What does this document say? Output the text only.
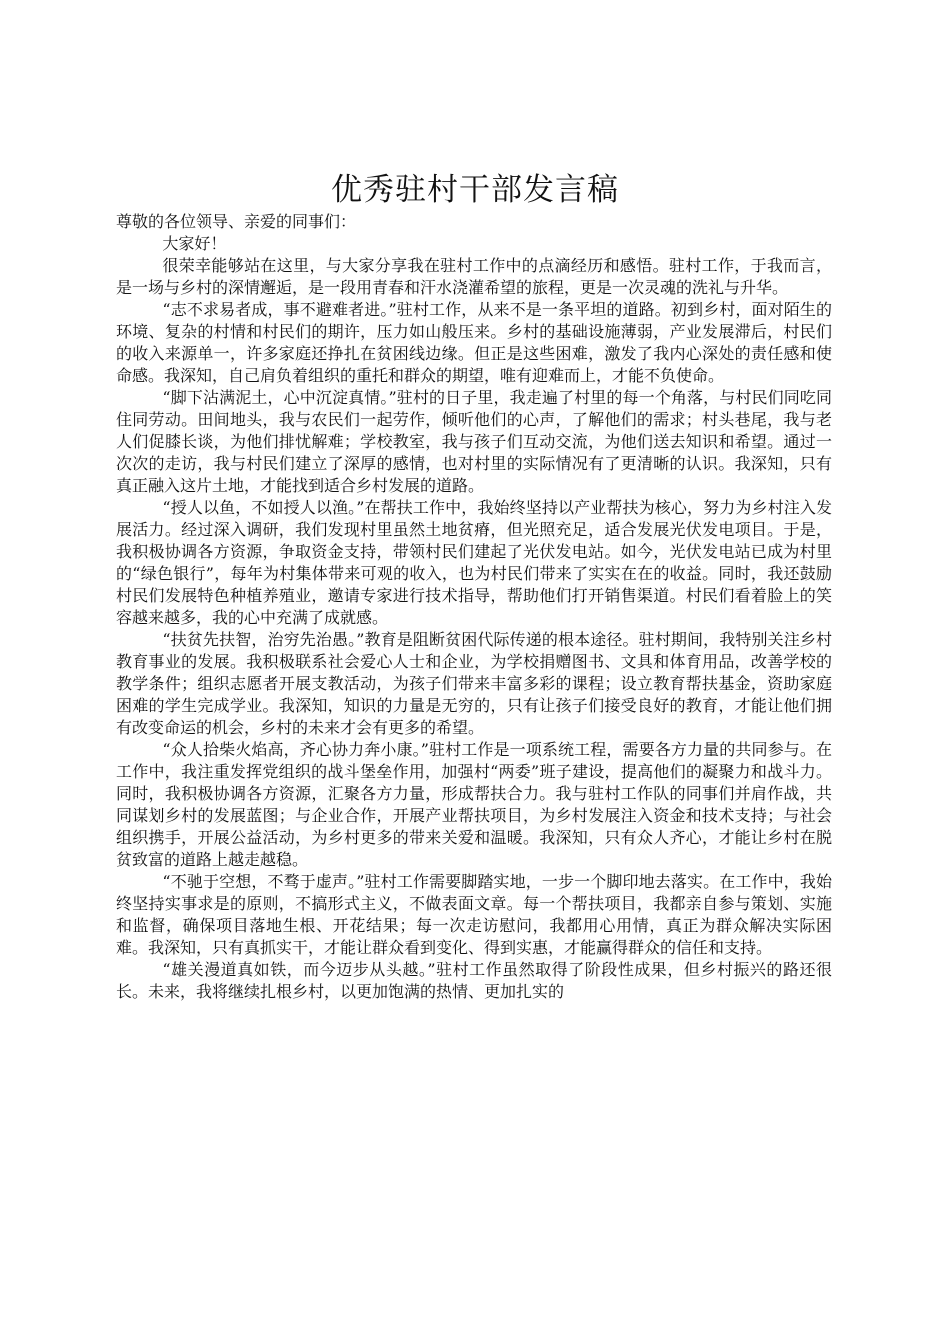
优秀驻村干部发言稿

尊敬的各位领导、亲爱的同事们：

大家好！

很荣幸能够站在这里，与大家分享我在驻村工作中的点滴经历和感悟。驻村工作，于我而言，是一场与乡村的深情邂逅，是一段用青春和汗水浇灌希望的旅程，更是一次灵魂的洗礼与升华。

“志不求易者成，事不避难者进。”驻村工作，从来不是一条平坦的道路。初到乡村，面对陌生的环境、复杂的村情和村民们的期许，压力如山般压来。乡村的基础设施薄弱，产业发展滞后，村民们的收入来源单一，许多家庭还挣扎在贫困线边缘。但正是这些困难，激发了我内心深处的责任感和使命感。我深知，自己肩负着组织的重托和群众的期望，唯有迎难而上，才能不负使命。

“脚下沾满泥土，心中沉淀真情。”驻村的日子里，我走遍了村里的每一个角落，与村民们同吃同住同劳动。田间地头，我与农民们一起劳作，倾听他们的心声，了解他们的需求；村头巷尾，我与老人们促膝长谈，为他们排忧解难；学校教室，我与孩子们互动交流，为他们送去知识和希望。通过一次次的走访，我与村民们建立了深厚的感情，也对村里的实际情况有了更清晰的认识。我深知，只有真正融入这片土地，才能找到适合乡村发展的道路。

“授人以鱼，不如授人以渔。”在帮扶工作中，我始终坚持以产业帮扶为核心，努力为乡村注入发展活力。经过深入调研，我们发现村里虽然土地贫瘠，但光照充足，适合发展光伏发电项目。于是，我积极协调各方资源，争取资金支持，带领村民们建起了光伏发电站。如今，光伏发电站已成为村里的“绿色银行”，每年为村集体带来可观的收入，也为村民们带来了实实在在的收益。同时，我还鼓励村民们发展特色种植养殖业，邀请专家进行技术指导，帮助他们打开销售渠道。村民们看着脸上的笑容越来越多，我的心中充满了成就感。

“扶贫先扶智，治穷先治愚。”教育是阻断贫困代际传递的根本途径。驻村期间，我特别关注乡村教育事业的发展。我积极联系社会爱心人士和企业，为学校捐赠图书、文具和体育用品，改善学校的教学条件；组织志愿者开展支教活动，为孩子们带来丰富多彩的课程；设立教育帮扶基金，资助家庭困难的学生完成学业。我深知，知识的力量是无穷的，只有让孩子们接受良好的教育，才能让他们拥有改变命运的机会，乡村的未来才会有更多的希望。

“众人拾柴火焰高，齐心协力奔小康。”驻村工作是一项系统工程，需要各方力量的共同参与。在工作中，我注重发挥党组织的战斗堡垒作用，加强村“两委”班子建设，提高他们的凝聚力和战斗力。同时，我积极协调各方资源，汇聚各方力量，形成帮扶合力。我与驻村工作队的同事们并肩作战，共同谋划乡村的发展蓝图；与企业合作，开展产业帮扶项目，为乡村发展注入资金和技术支持；与社会组织携手，开展公益活动，为乡村更多的带来关爱和温暖。我深知，只有众人齐心，才能让乡村在脱贫致富的道路上越走越稳。

“不驰于空想，不骛于虚声。”驻村工作需要脚踏实地，一步一个脚印地去落实。在工作中，我始终坚持实事求是的原则，不搞形式主义，不做表面文章。每一个帮扶项目，我都亲自参与策划、实施和监督，确保项目落地生根、开花结果；每一次走访慰问，我都用心用情，真正为群众解决实际困难。我深知，只有真抓实干，才能让群众看到变化、得到实惠，才能赢得群众的信任和支持。

“雄关漫道真如铁，而今迈步从头越。”驻村工作虽然取得了阶段性成果，但乡村振兴的路还很长。未来，我将继续扎根乡村，以更加饱满的热情、更加扎实的
